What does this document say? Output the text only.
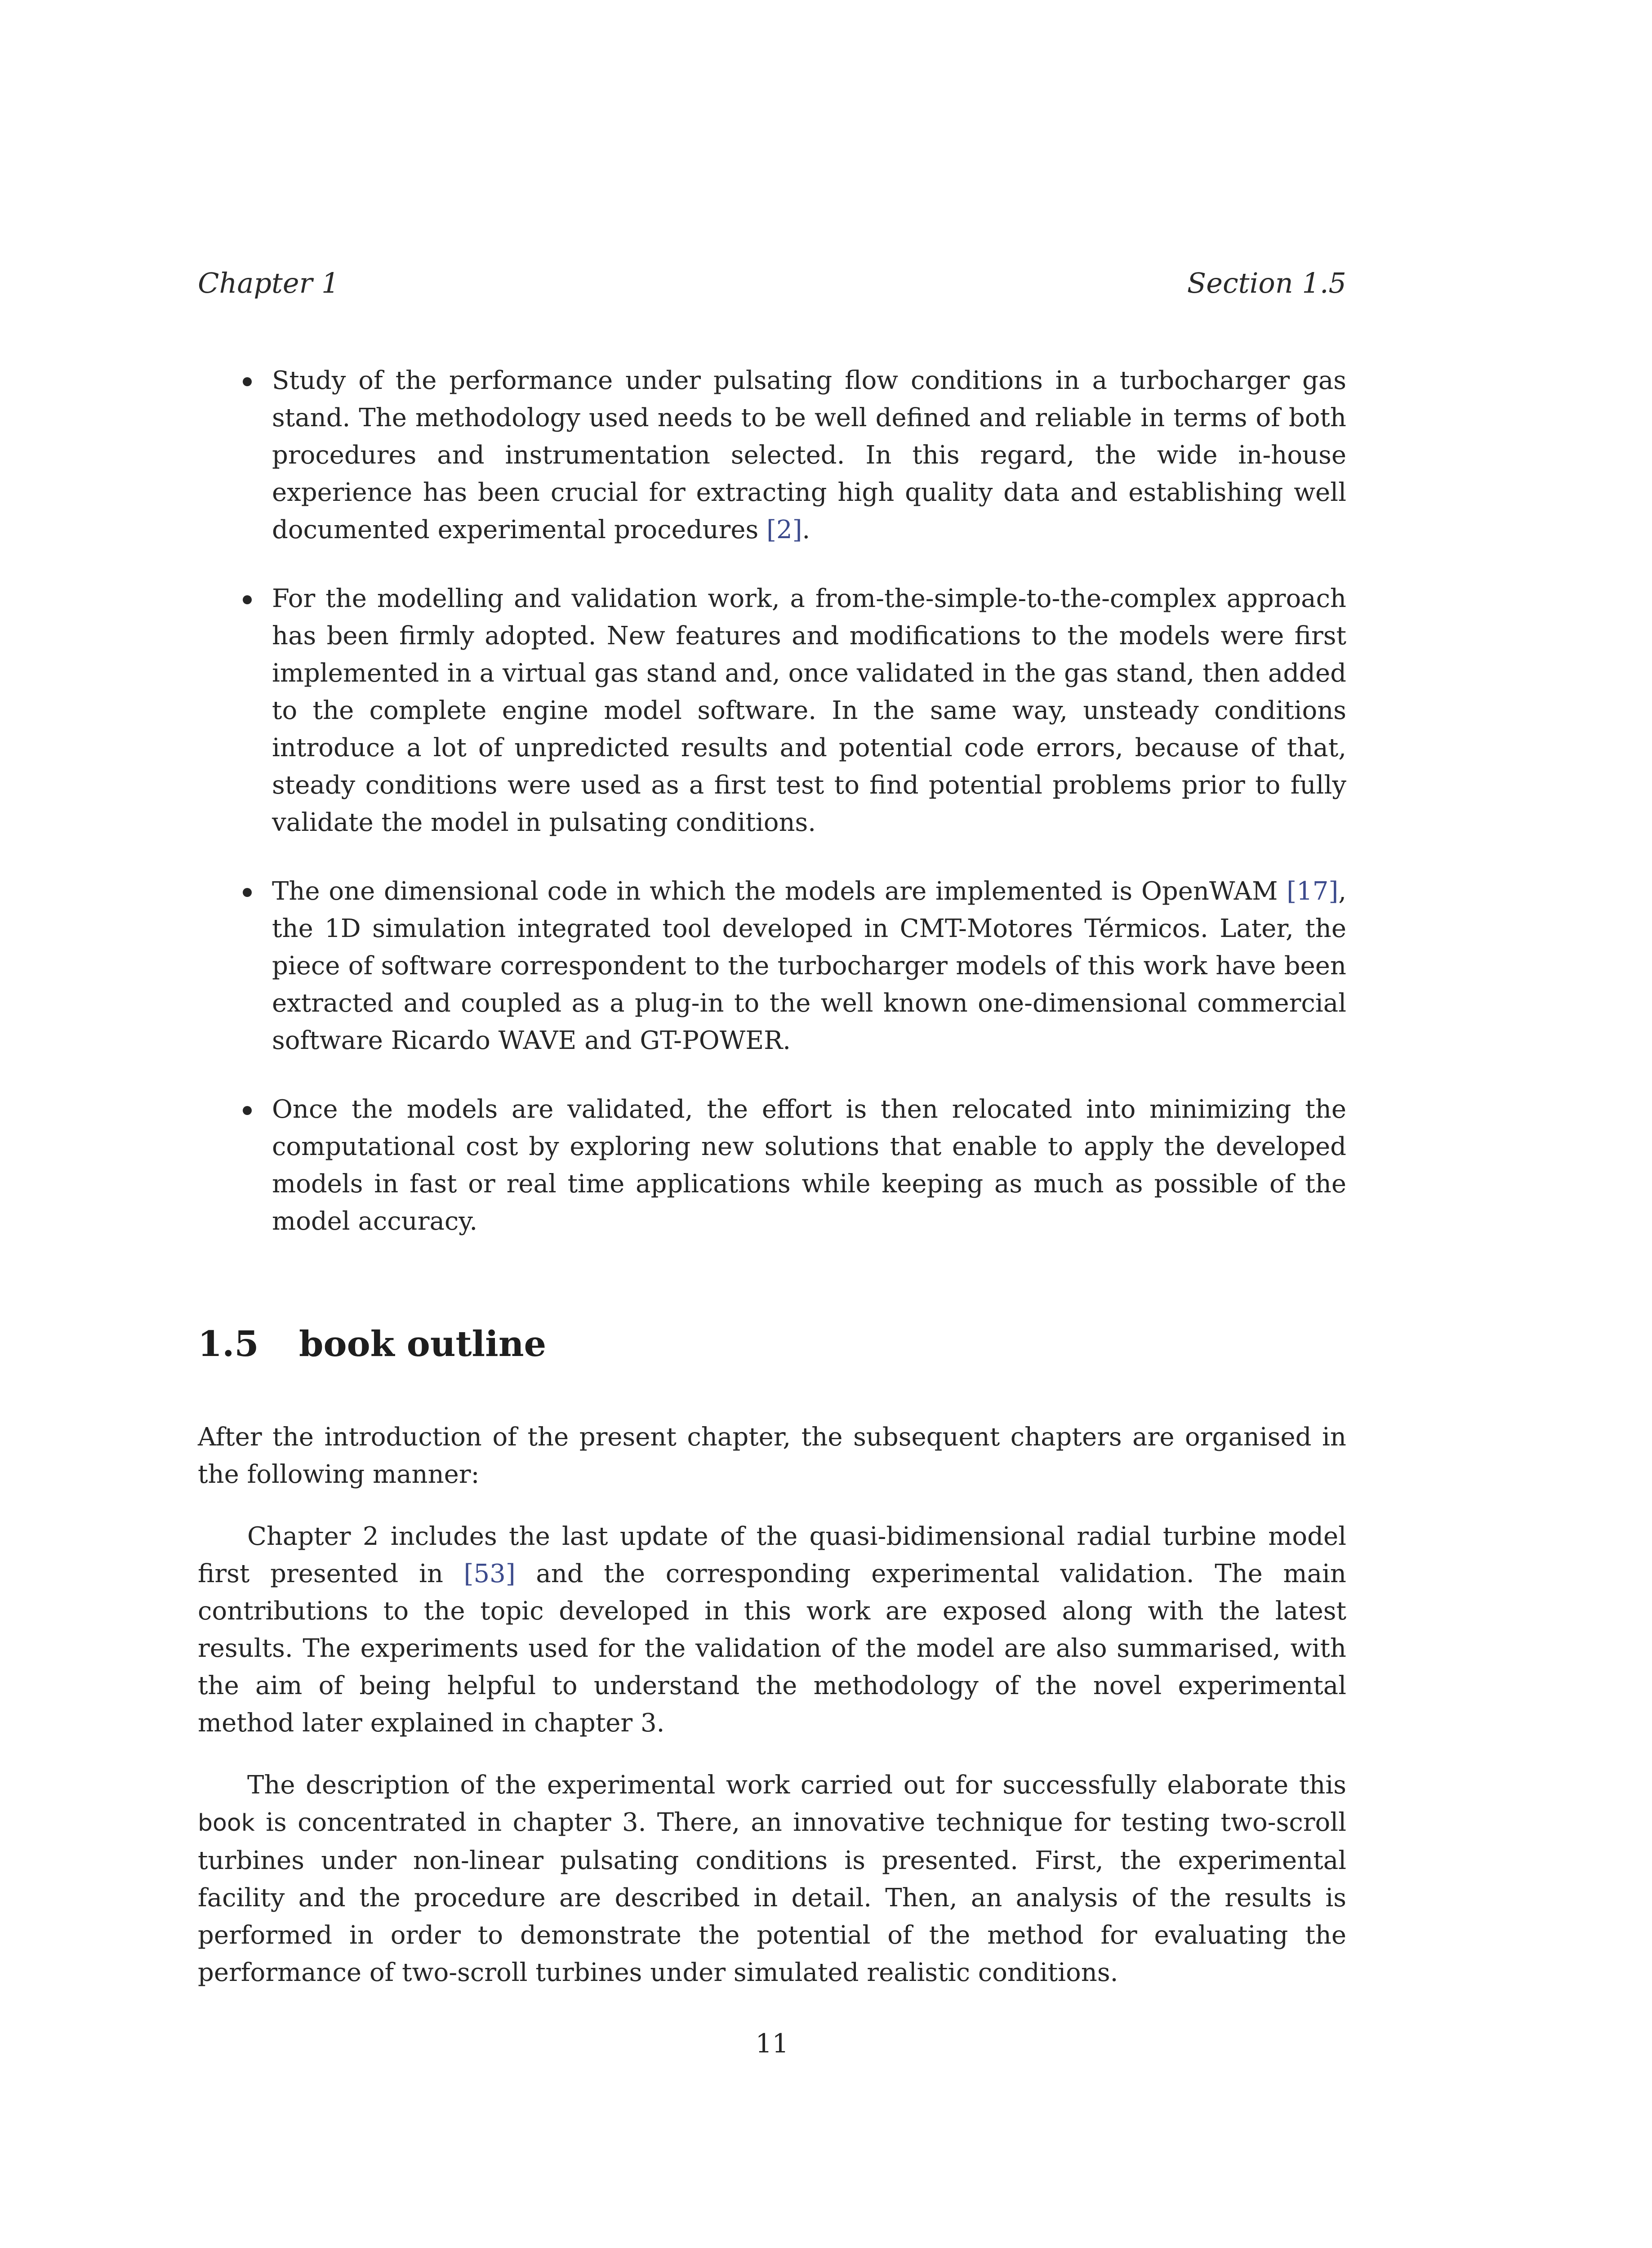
Chapter 1	Section 1.5
Study of the performance under pulsating flow conditions in a turbocharger gas stand. The methodology used needs to be well defined and reliable in terms of both procedures and instrumentation selected. In this regard, the wide in-house experience has been crucial for extracting high quality data and establishing well documented experimental procedures [2].
For the modelling and validation work, a from-the-simple-to-the-complex approach has been firmly adopted. New features and modifications to the models were first implemented in a virtual gas stand and, once validated in the gas stand, then added to the complete engine model software. In the same way, unsteady conditions introduce a lot of unpredicted results and potential code errors, because of that, steady conditions were used as a first test to find potential problems prior to fully validate the model in pulsating conditions.
The one dimensional code in which the models are implemented is OpenWAM [17], the 1D simulation integrated tool developed in CMT-Motores Térmicos. Later, the piece of software correspondent to the turbocharger models of this work have been extracted and coupled as a plug-in to the well known one-dimensional commercial software Ricardo WAVE and GT-POWER.
Once the models are validated, the effort is then relocated into minimizing the computational cost by exploring new solutions that enable to apply the developed models in fast or real time applications while keeping as much as possible of the model accuracy.
1.5 book outline

After the introduction of the present chapter, the subsequent chapters are organised in the following manner:

Chapter 2 includes the last update of the quasi-bidimensional radial turbine model first presented in [53] and the corresponding experimental validation. The main contributions to the topic developed in this work are exposed along with the latest results. The experiments used for the validation of the model are also summarised, with the aim of being helpful to understand the methodology of the novel experimental method later explained in chapter 3.

The description of the experimental work carried out for successfully elaborate this book is concentrated in chapter 3. There, an innovative technique for testing two-scroll turbines under non-linear pulsating conditions is presented. First, the experimental facility and the procedure are described in detail. Then, an analysis of the results is performed in order to demonstrate the potential of the method for evaluating the performance of two-scroll turbines under simulated realistic conditions.

11
